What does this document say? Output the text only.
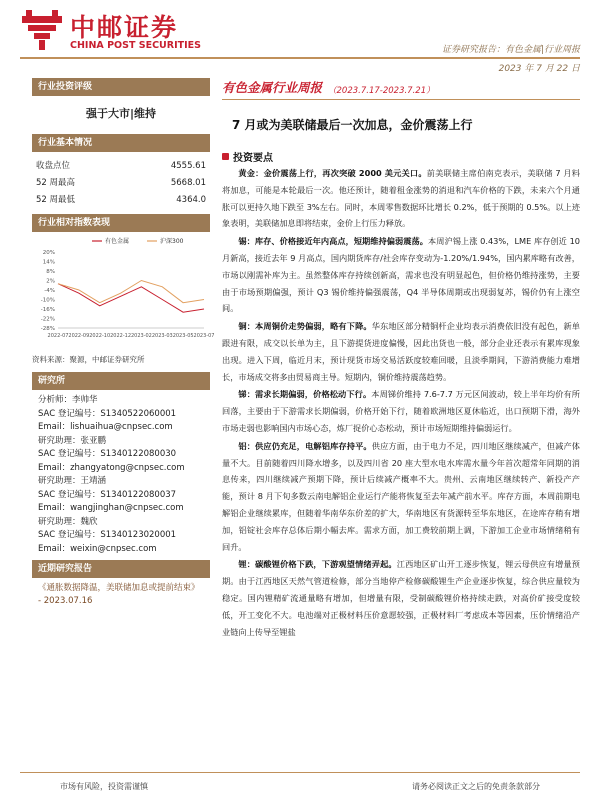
中邮证券
CHINA POST SECURITIES	证券研究报告：有色金属|行业周报
2023 年 7 月 22 日
行业投资评级
强于大市|维持
行业基本情况
收盘点位	4555.61
52 周最高	5668.01
52 周最低	4364.0
行业相对指数表现
20%
14%
8%
2%
-4%
-10%
-16%
-22%
-28%
2022-07 2022-09 2022-10 2022-12 2023-02 2023-03 2023-05 2023-07
有色金属	沪深300
资料来源：聚源，中邮证券研究所
研究所
分析师：李帅华
SAC 登记编号：S1340522060001
Email：lishuaihua@cnpsec.com
研究助理：张亚鹏
SAC 登记编号：S1340122080030
Email：zhangyatong@cnpsec.com
研究助理：王靖涵
SAC 登记编号：S1340122080037
Email：wangjinghan@cnpsec.com
研究助理：魏欣
SAC 登记编号：S1340123020001
Email：weixin@cnpsec.com
近期研究报告
《通胀数据降温，美联储加息或提前结束》 - 2023.07.16
有色金属行业周报 （2023.7.17-2023.7.21）
7 月或为美联储最后一次加息，金价震荡上行
投资要点

黄金：金价震荡上行，再次突破 2000 美元关口。前美联储主席伯南克表示，美联储 7 月料将加息，可能是本轮最后一次。他还预计，随着租金涨势的消退和汽车价格的下跌，未来六个月通胀可以更持久地下跌至 3%左右。同时，本周零售数据环比增长 0.2%，低于预期的 0.5%。以上迹象表明，美联储加息即将结束，金价上行压力释放。

锡：库存、价格接近年内高点，短期维持偏弱震荡。本周沪锡上涨 0.43%，LME 库存创近 10 月新高，接近去年 9 月高点，国内期货库存/社会库存变动为-1.20%/1.94%，国内累库略有改善，市场以刚需补库为主。虽然整体库存持续创新高，需求也没有明显起色，但价格仍维持涨势，主要由于市场预期偏强，预计 Q3 锡价维持偏强震荡，Q4 半导体周期或出现弱复苏，锡价仍有上涨空间。

铜：本周铜价走势偏弱，略有下降。华东地区部分精铜杆企业均表示消费依旧没有起色，新单跟进有限，成交以长单为主，且下游提货进度偏慢，因此出货也一般，部分企业还表示有累库现象出现。进入下周，临近月末，预计现货市场交易活跃度较难回暖，且淡季期间，下游消费能力难增长，市场成交将多由贸易商主导。短期内，铜价维持震荡趋势。

锑：需求长期偏弱，价格松动下行。本周锑价维持 7.6-7.7 万元区间波动，较上半年均价有所回落，主要由于下游需求长期偏弱，价格开始下行，随着欧洲地区夏休临近，出口预期下滑，海外市场走弱也影响国内市场心态，炼厂捉价心态松动，预计市场短期维持偏弱运行。

铝：供应仍充足，电解铝库存持平。供应方面，由于电力不足，四川地区继续减产，但减产体量不大。目前随着四川降水增多，以及四川省 20 座大型水电水库需水量今年首次超常年同期的消息传来，四川继续减产预期下降，预计后续减产概率不大。贵州、云南地区继续转产、新投产产能，预计 8 月下旬多数云南电解铝企业运行产能将恢复至去年减产前水平。库存方面，本周前期电解铝企业继续累库，但随着华南华东价差的扩大，华南地区有货源转至华东地区，在途库存稍有增加，铝锭社会库存总体后期小幅去库。需求方面，加工费较前期上调，下游加工企业市场情绪稍有回升。

锂：碳酸锂价格下跌，下游观望情绪弄起。江西地区矿山开工逐步恢复，锂云母供应有增量预期。由于江西地区天然气管道检修，部分当地停产检修碳酸锂生产企业逐步恢复，综合供应量较为稳定。国内锂精矿流通量略有增加，但增量有限，受制碳酸锂价格持续走跌，对高价矿接受度较低，开工变化不大。电池端对正极材料压价意愿较强，正极材料厂考虑成本等因素，压价情绪沿产业链向上传导至锂盐

市场有风险，投资需谨慎	请务必阅读正文之后的免责条款部分
